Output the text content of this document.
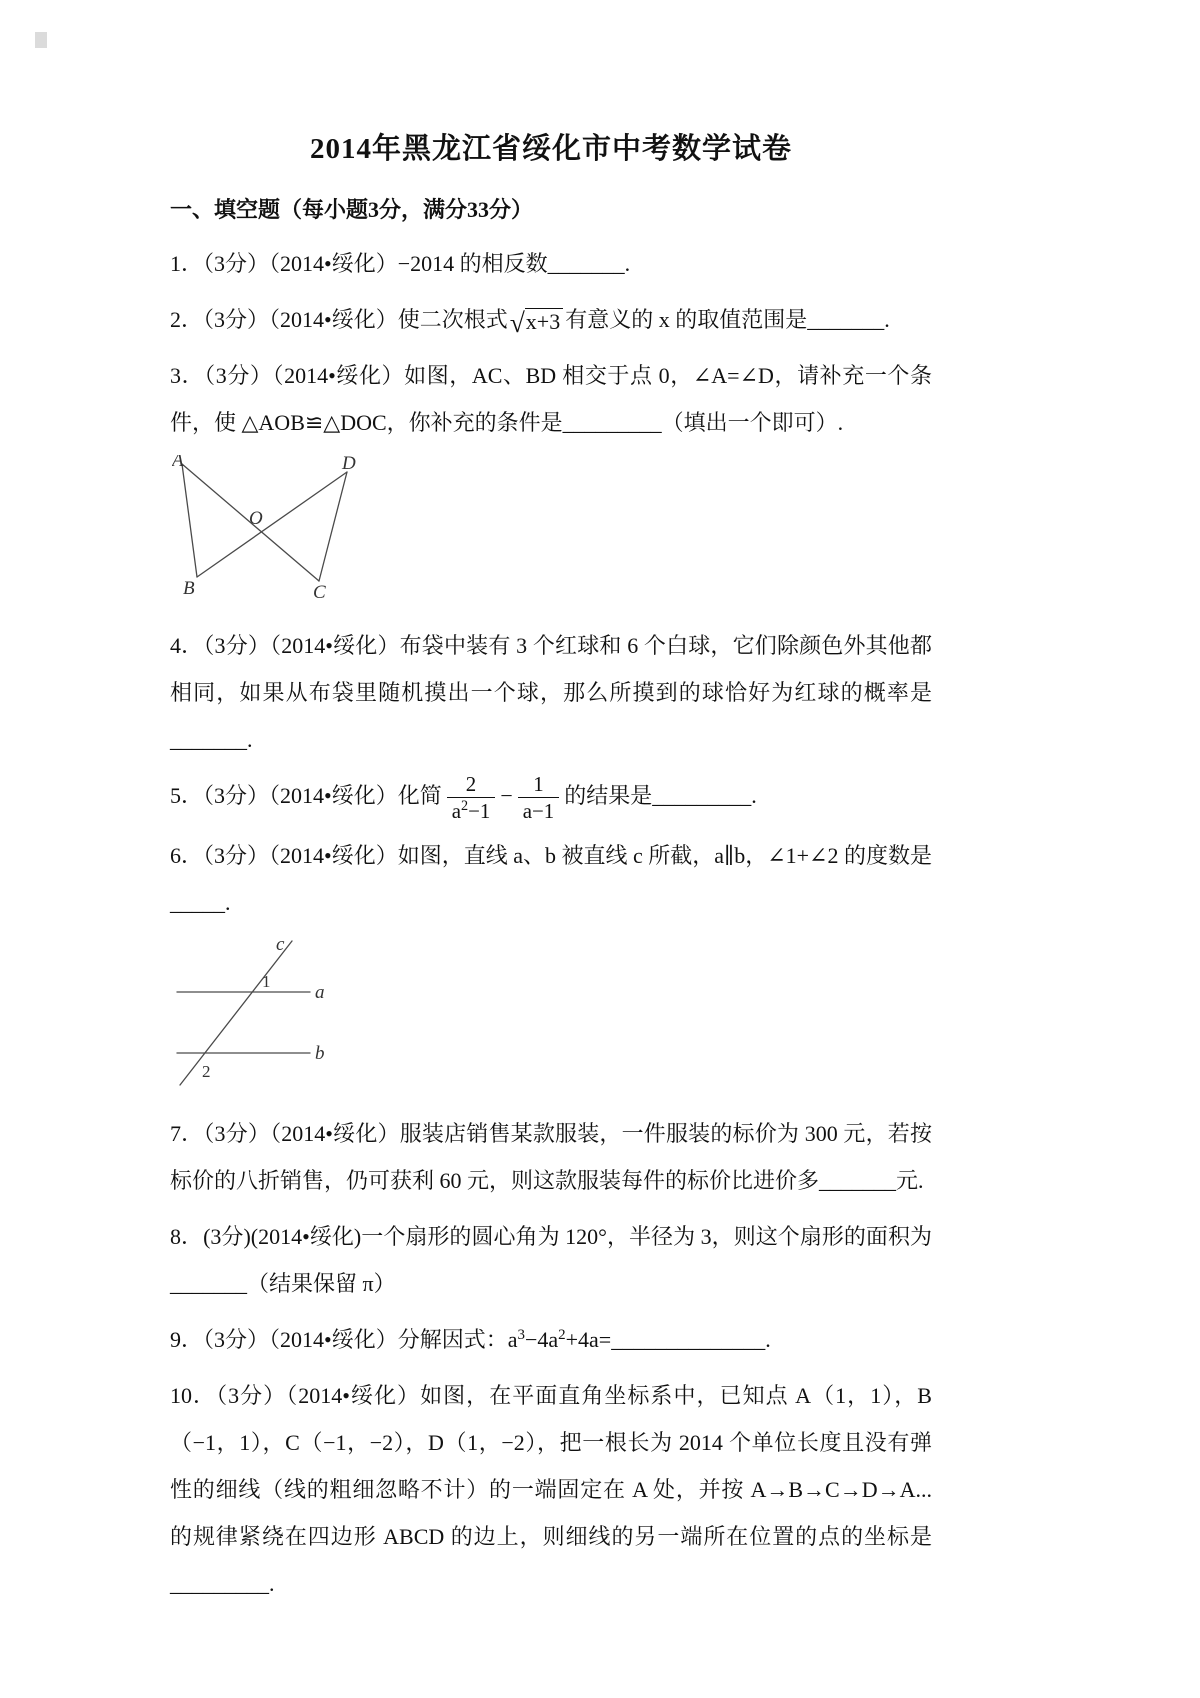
2014年黑龙江省绥化市中考数学试卷
一、填空题（每小题3分，满分33分）

1．（3分）（2014•绥化）−2014 的相反数_______.

2．（3分）（2014•绥化）使二次根式√x+3 有意义的 x 的取值范围是_______.

3．（3分）（2014•绥化）如图，AC、BD 相交于点 0，∠A=∠D，请补充一个条件，使 △AOB≌△DOC，你补充的条件是_________（填出一个即可）.

A	D
O
B	C

4．（3分）（2014•绥化）布袋中装有 3 个红球和 6 个白球，它们除颜色外其他都相同，如果从布袋里随机摸出一个球，那么所摸到的球恰好为红球的概率是_______.

5．（3分）（2014•绥化）化简 $\frac{2}{a^2-1} - \frac{1}{a-1}$ 的结果是_________.

6．（3分）（2014•绥化）如图，直线 a、b 被直线 c 所截，a∥b，∠1+∠2 的度数是_____.

c
a
b
1
2

7．（3分）（2014•绥化）服装店销售某款服装，一件服装的标价为 300 元，若按标价的八折销售，仍可获利 60 元，则这款服装每件的标价比进价多_______元.

8．(3分)(2014•绥化)一个扇形的圆心角为 120°，半径为 3，则这个扇形的面积为_______（结果保留 π）

9．（3分）（2014•绥化）分解因式：$a^3-4a^2+4a=\_\_\_\_\_\_\_\_\_\_\_\_\_\_$.

10．（3分）（2014•绥化）如图，在平面直角坐标系中，已知点 A（1，1），B（−1，1），C（−1，−2），D（1，−2），把一根长为 2014 个单位长度且没有弹性的细线（线的粗细忽略不计）的一端固定在 A 处，并按 A→B→C→D→A...的规律紧绕在四边形 ABCD 的边上，则细线的另一端所在位置的点的坐标是_________.
